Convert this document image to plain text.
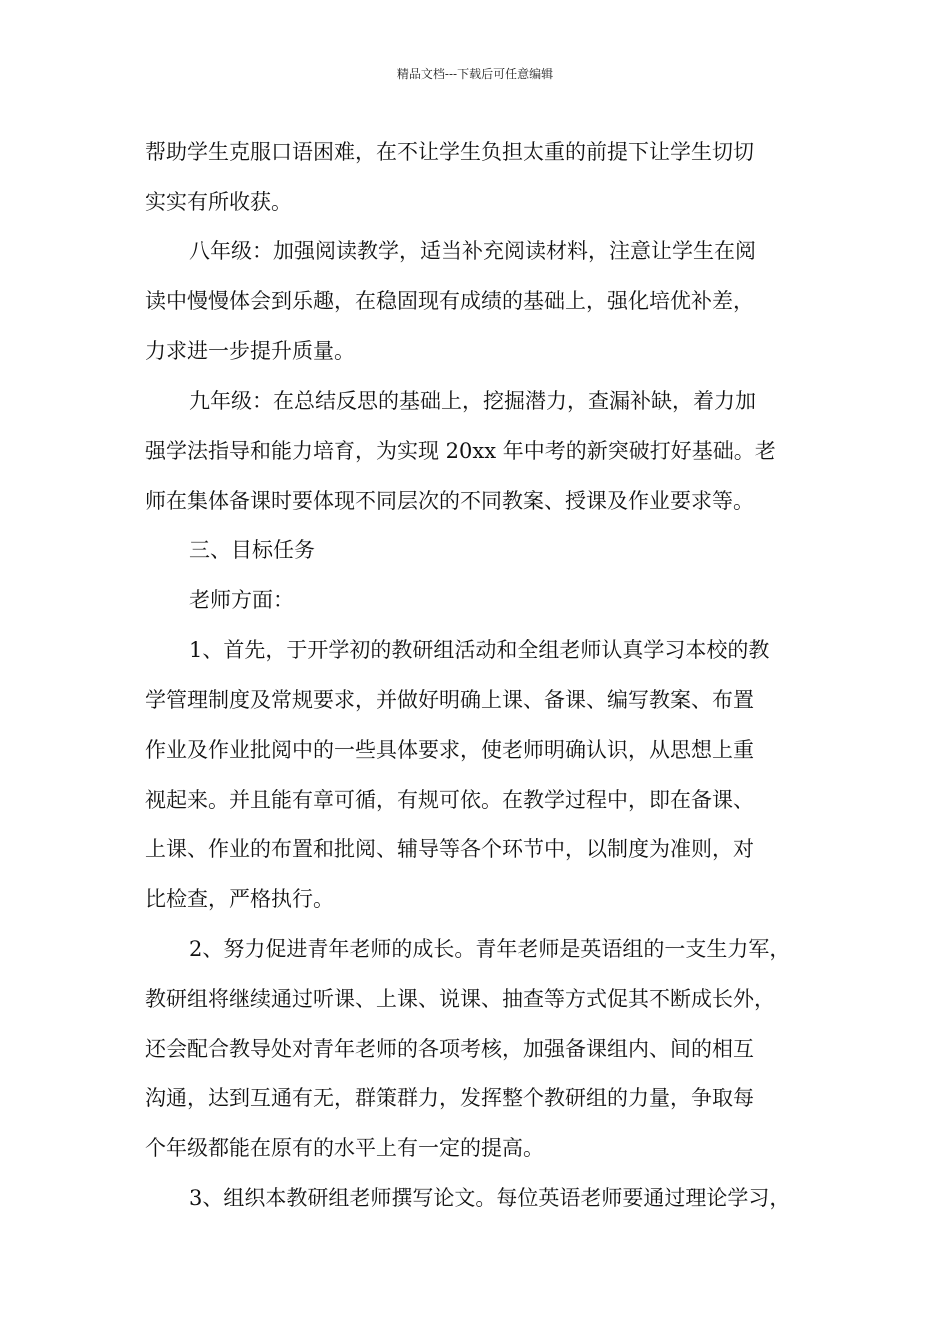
精品文档---下载后可任意编辑
帮助学生克服口语困难，在不让学生负担太重的前提下让学生切切
实实有所收获。
八年级：加强阅读教学，适当补充阅读材料，注意让学生在阅
读中慢慢体会到乐趣，在稳固现有成绩的基础上，强化培优补差，
力求进一步提升质量。
九年级：在总结反思的基础上，挖掘潜力，查漏补缺，着力加
强学法指导和能力培育，为实现 20xx 年中考的新突破打好基础。老
师在集体备课时要体现不同层次的不同教案、授课及作业要求等。
三、目标任务
老师方面：
1、首先，于开学初的教研组活动和全组老师认真学习本校的教
学管理制度及常规要求，并做好明确上课、备课、编写教案、布置
作业及作业批阅中的一些具体要求，使老师明确认识，从思想上重
视起来。并且能有章可循，有规可依。在教学过程中，即在备课、
上课、作业的布置和批阅、辅导等各个环节中，以制度为准则，对
比检查，严格执行。
2、努力促进青年老师的成长。青年老师是英语组的一支生力军，
教研组将继续通过听课、上课、说课、抽查等方式促其不断成长外，
还会配合教导处对青年老师的各项考核，加强备课组内、间的相互
沟通，达到互通有无，群策群力，发挥整个教研组的力量，争取每
个年级都能在原有的水平上有一定的提高。
3、组织本教研组老师撰写论文。每位英语老师要通过理论学习，
